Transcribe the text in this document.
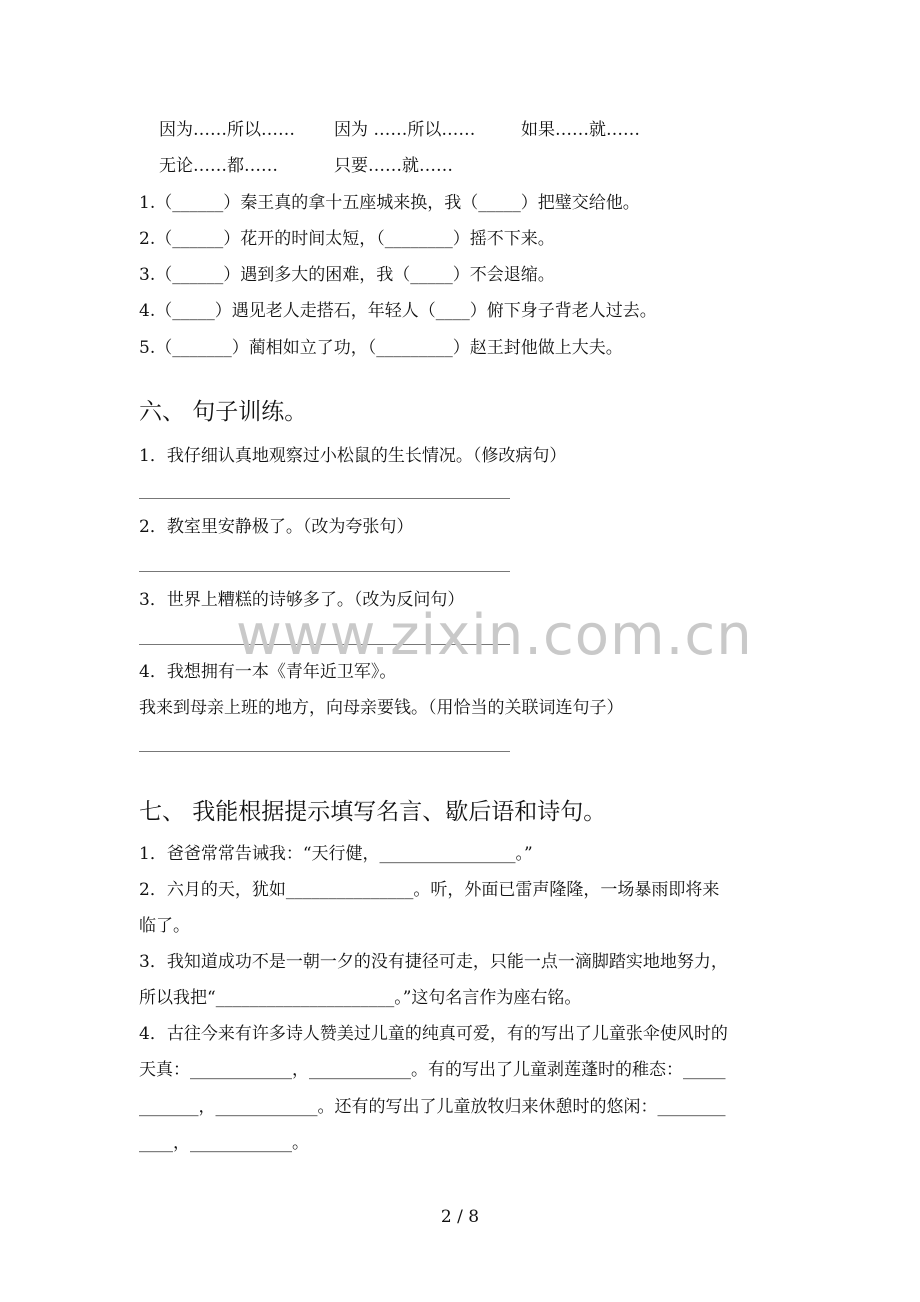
因为……所以…… 因为 ……所以……	如果……就……
无论……都……	只要……就……
1.（______）秦王真的拿十五座城来换，我（_____）把璧交给他。
2.（______）花开的时间太短，（________）摇不下来。
3.（______）遇到多大的困难，我（_____）不会退缩。
4.（_____）遇见老人走搭石，年轻人（____）俯下身子背老人过去。
5.（_______）蔺相如立了功，（_________）赵王封他做上大夫。
六、 句子训练。
1．我仔细认真地观察过小松鼠的生长情况。（修改病句）
2．教室里安静极了。（改为夸张句）
3．世界上糟糕的诗够多了。（改为反问句）
4．我想拥有一本《青年近卫军》。
我来到母亲上班的地方，向母亲要钱。（用恰当的关联词连句子）
七、 我能根据提示填写名言、歇后语和诗句。
1．爸爸常常告诫我：“天行健，________________。”
2．六月的天，犹如_______________。听，外面已雷声隆隆，一场暴雨即将来
临了。
3．我知道成功不是一朝一夕的没有捷径可走，只能一点一滴脚踏实地地努力，
所以我把“_____________________。”这句名言作为座右铭。
4．古往今来有许多诗人赞美过儿童的纯真可爱，有的写出了儿童张伞使风时的
天真：____________，____________。有的写出了儿童剥莲蓬时的稚态：_____
_______，____________。还有的写出了儿童放牧归来休憩时的悠闲：________
____，____________。
www.zixin.com.cn
2 / 8
